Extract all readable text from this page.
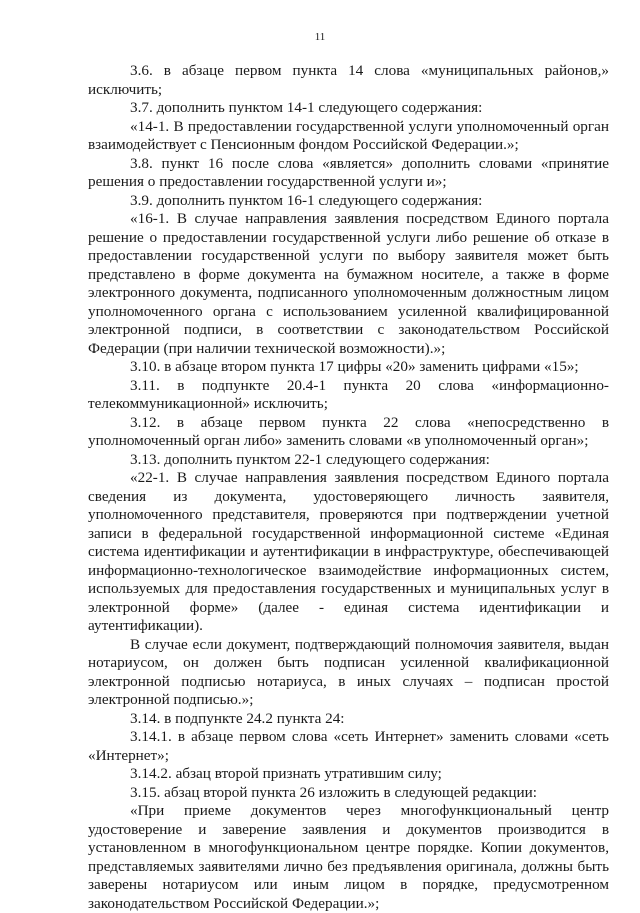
11

3.6. в абзаце первом пункта 14 слова «муниципальных районов,» исключить;

3.7. дополнить пунктом 14-1 следующего содержания:

«14-1. В предоставлении государственной услуги уполномоченный орган взаимодействует с Пенсионным фондом Российской Федерации.»;

3.8. пункт 16 после слова «является» дополнить словами «принятие решения о предоставлении государственной услуги и»;

3.9. дополнить пунктом 16-1 следующего содержания:

«16-1. В случае направления заявления посредством Единого портала решение о предоставлении государственной услуги либо решение об отказе в предоставлении государственной услуги по выбору заявителя может быть представлено в форме документа на бумажном носителе, а также в форме электронного документа, подписанного уполномоченным должностным лицом уполномоченного органа с использованием усиленной квалифицированной электронной подписи, в соответствии с законодательством Российской Федерации (при наличии технической возможности).»;

3.10. в абзаце втором пункта 17 цифры «20» заменить цифрами «15»;

3.11. в подпункте 20.4-1 пункта 20 слова «информационно-телекоммуникационной» исключить;

3.12. в абзаце первом пункта 22 слова «непосредственно в уполномоченный орган либо» заменить словами «в уполномоченный орган»;

3.13. дополнить пунктом 22-1 следующего содержания:

«22-1. В случае направления заявления посредством Единого портала сведения из документа, удостоверяющего личность заявителя, уполномоченного представителя, проверяются при подтверждении учетной записи в федеральной государственной информационной системе «Единая система идентификации и аутентификации в инфраструктуре, обеспечивающей информационно-технологическое взаимодействие информационных систем, используемых для предоставления государственных и муниципальных услуг в электронной форме» (далее - единая система идентификации и аутентификации).

В случае если документ, подтверждающий полномочия заявителя, выдан нотариусом, он должен быть подписан усиленной квалификационной электронной подписью нотариуса, в иных случаях – подписан простой электронной подписью.»;

3.14. в подпункте 24.2 пункта 24:

3.14.1. в абзаце первом слова «сеть Интернет» заменить словами «сеть «Интернет»;

3.14.2. абзац второй признать утратившим силу;

3.15. абзац второй пункта 26 изложить в следующей редакции:

«При приеме документов через многофункциональный центр удостоверение и заверение заявления и документов производится в установленном в многофункциональном центре порядке. Копии документов, представляемых заявителями лично без предъявления оригинала, должны быть заверены нотариусом или иным лицом в порядке, предусмотренном законодательством Российской Федерации.»;
